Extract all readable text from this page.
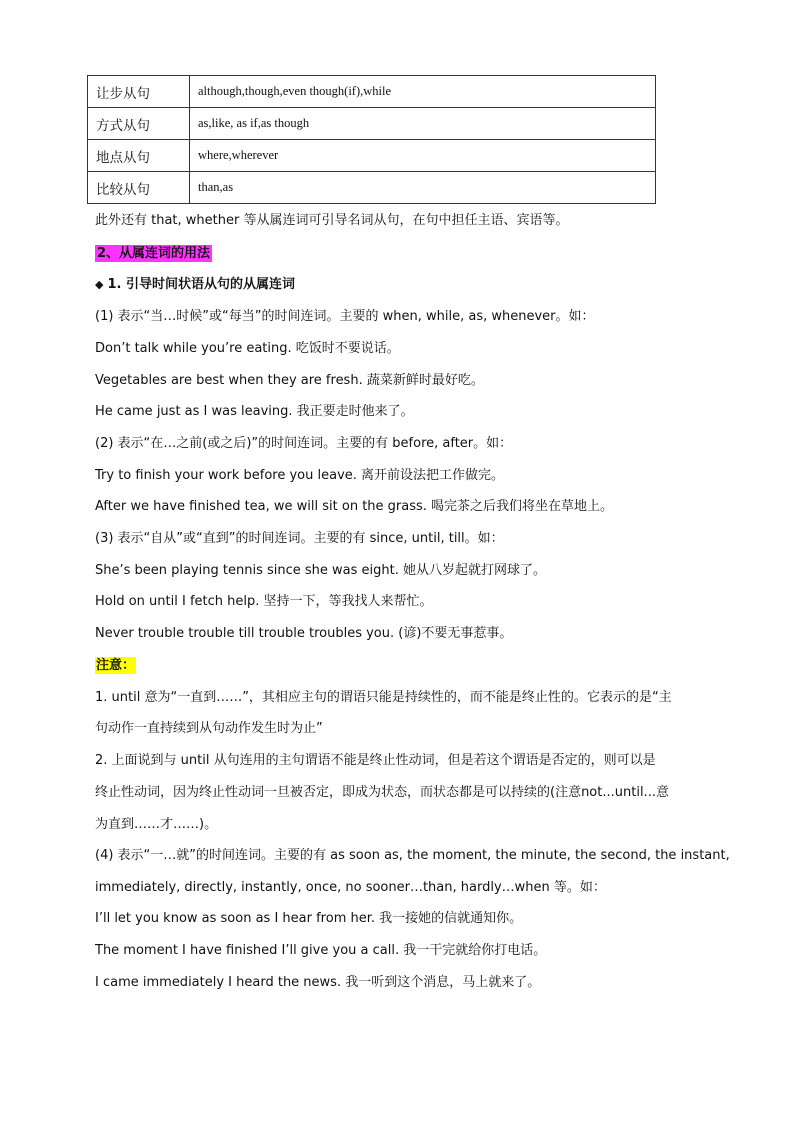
让步从句	although,though,even though(if),while
方式从句	as,like, as if,as though
地点从句	where,wherever
比较从句	than,as
此外还有 that, whether 等从属连词可引导名词从句，在句中担任主语、宾语等。
2、从属连词的用法
◆ 1. 引导时间状语从句的从属连词
(1) 表示“当…时候”或“每当”的时间连词。主要的 when, while, as, whenever。如：
Don’t talk while you’re eating. 吃饭时不要说话。
Vegetables are best when they are fresh. 蔬菜新鲜时最好吃。
He came just as I was leaving. 我正要走时他来了。
(2) 表示“在…之前(或之后)”的时间连词。主要的有 before, after。如：
Try to finish your work before you leave. 离开前设法把工作做完。
After we have finished tea, we will sit on the grass. 喝完茶之后我们将坐在草地上。
(3) 表示“自从”或“直到”的时间连词。主要的有 since, until, till。如：
She’s been playing tennis since she was eight. 她从八岁起就打网球了。
Hold on until I fetch help. 坚持一下，等我找人来帮忙。
Never trouble trouble till trouble troubles you. (谚)不要无事惹事。
注意：
1. until 意为“一直到……”，其相应主句的谓语只能是持续性的，而不能是终止性的。它表示的是“主
句动作一直持续到从句动作发生时为止”
2. 上面说到与 until 从句连用的主句谓语不能是终止性动词，但是若这个谓语是否定的，则可以是
终止性动词，因为终止性动词一旦被否定，即成为状态，而状态都是可以持续的(注意not...until...意
为直到……才……)。
(4) 表示“一…就”的时间连词。主要的有 as soon as, the moment, the minute, the second, the instant,
immediately, directly, instantly, once, no sooner…than, hardly…when 等。如：
I’ll let you know as soon as I hear from her. 我一接她的信就通知你。
The moment I have finished I’ll give you a call. 我一干完就给你打电话。
I came immediately I heard the news. 我一听到这个消息，马上就来了。
